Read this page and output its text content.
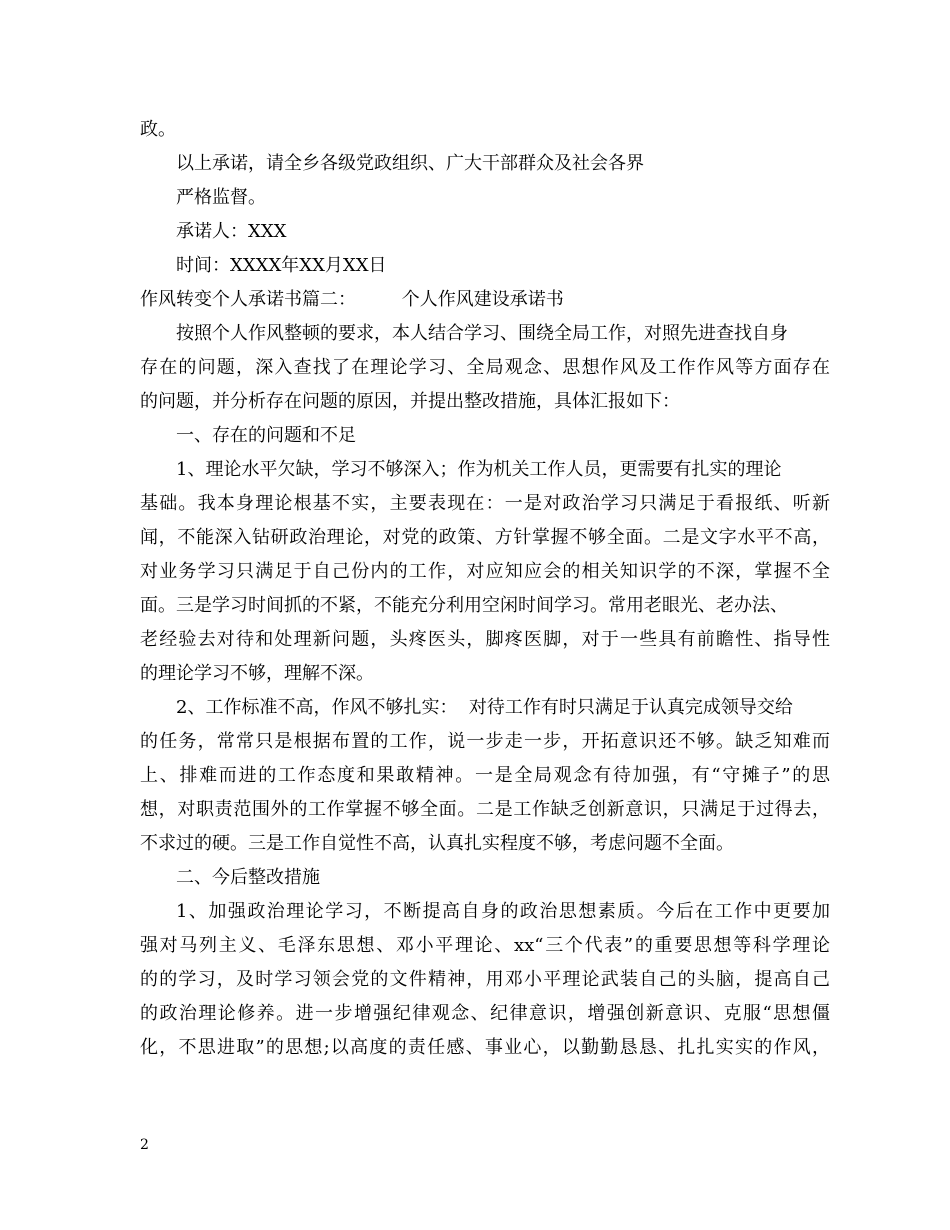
政。
以上承诺，请全乡各级党政组织、广大干部群众及社会各界
严格监督。
承诺人：XXX
时间：XXXX年XX月XX日
作风转变个人承诺书篇二：        个人作风建设承诺书
按照个人作风整顿的要求，本人结合学习、围绕全局工作，对照先进查找自身
存在的问题，深入查找了在理论学习、全局观念、思想作风及工作作风等方面存在
的问题，并分析存在问题的原因，并提出整改措施，具体汇报如下：
一、存在的问题和不足
1、理论水平欠缺，学习不够深入；作为机关工作人员，更需要有扎实的理论
基础。我本身理论根基不实，主要表现在：一是对政治学习只满足于看报纸、听新
闻，不能深入钻研政治理论，对党的政策、方针掌握不够全面。二是文字水平不高，
对业务学习只满足于自己份内的工作，对应知应会的相关知识学的不深，掌握不全
面。三是学习时间抓的不紧，不能充分利用空闲时间学习。常用老眼光、老办法、
老经验去对待和处理新问题，头疼医头，脚疼医脚，对于一些具有前瞻性、指导性
的理论学习不够，理解不深。
2、工作标准不高，作风不够扎实：  对待工作有时只满足于认真完成领导交给
的任务，常常只是根据布置的工作，说一步走一步，开拓意识还不够。缺乏知难而
上、排难而进的工作态度和果敢精神。一是全局观念有待加强，有“守摊子”的思
想，对职责范围外的工作掌握不够全面。二是工作缺乏创新意识，只满足于过得去，
不求过的硬。三是工作自觉性不高，认真扎实程度不够，考虑问题不全面。
二、今后整改措施
1、加强政治理论学习，不断提高自身的政治思想素质。今后在工作中更要加
强对马列主义、毛泽东思想、邓小平理论、xx“三个代表”的重要思想等科学理论
的的学习，及时学习领会党的文件精神，用邓小平理论武装自己的头脑，提高自己
的政治理论修养。进一步增强纪律观念、纪律意识，增强创新意识、克服“思想僵
化，不思进取”的思想;以高度的责任感、事业心，以勤勤恳恳、扎扎实实的作风，
2
